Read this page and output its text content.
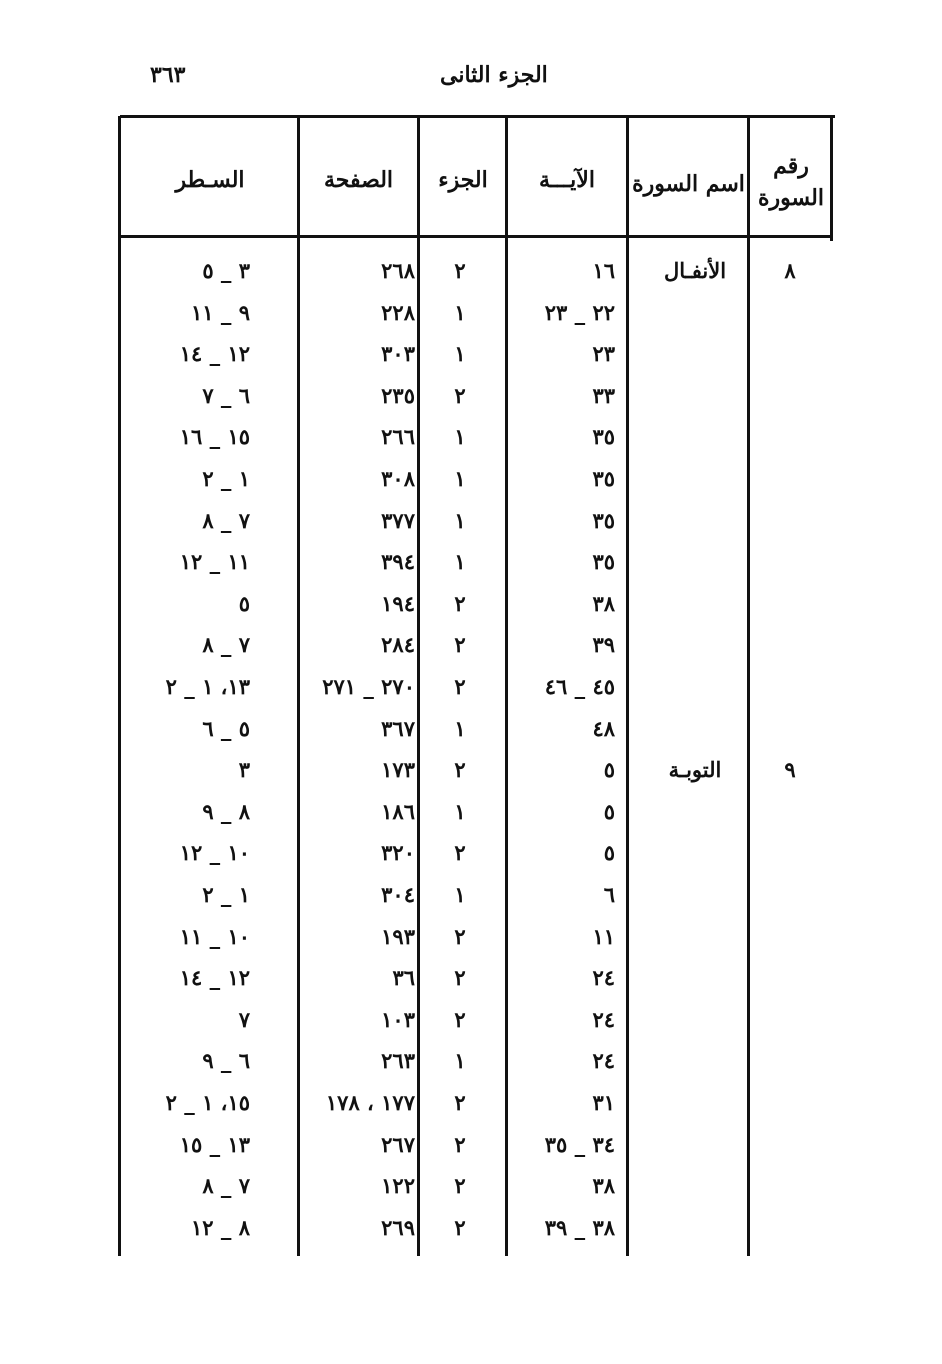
٣٦٣	الجزء الثانى
رقم السورة
اسم السورة
الآيـــة
الجزء
الصفحة
السـطر
٨
الأنفـال
١٦
٢
٢٦٨
٣ _ ٥
٢٢ _ ٢٣
١
٢٢٨
٩ _ ١١
٢٣
١
٣٠٣
١٢ _ ١٤
٣٣
٢
٢٣٥
٦ _ ٧
٣٥
١
٢٦٦
١٥ _ ١٦
٣٥
١
٣٠٨
١ _ ٢
٣٥
١
٣٧٧
٧ _ ٨
٣٥
١
٣٩٤
١١ _ ١٢
٣٨
٢
١٩٤
٥
٣٩
٢
٢٨٤
٧ _ ٨
٤٥ _ ٤٦
٢
٢٧٠ _ ٢٧١
١٣، ١ _ ٢
٤٨
١
٣٦٧
٥ _ ٦
٩
التوبـة
٥
٢
١٧٣
٣
٥
١
١٨٦
٨ _ ٩
٥
٢
٣٢٠
١٠ _ ١٢
٦
١
٣٠٤
١ _ ٢
١١
٢
١٩٣
١٠ _ ١١
٢٤
٢
٣٦
١٢ _ ١٤
٢٤
٢
١٠٣
٧
٢٤
١
٢٦٣
٦ _ ٩
٣١
٢
١٧٧ ، ١٧٨
١٥، ١ _ ٢
٣٤ _ ٣٥
٢
٢٦٧
١٣ _ ١٥
٣٨
٢
١٢٢
٧ _ ٨
٣٨ _ ٣٩
٢
٢٦٩
٨ _ ١٢
